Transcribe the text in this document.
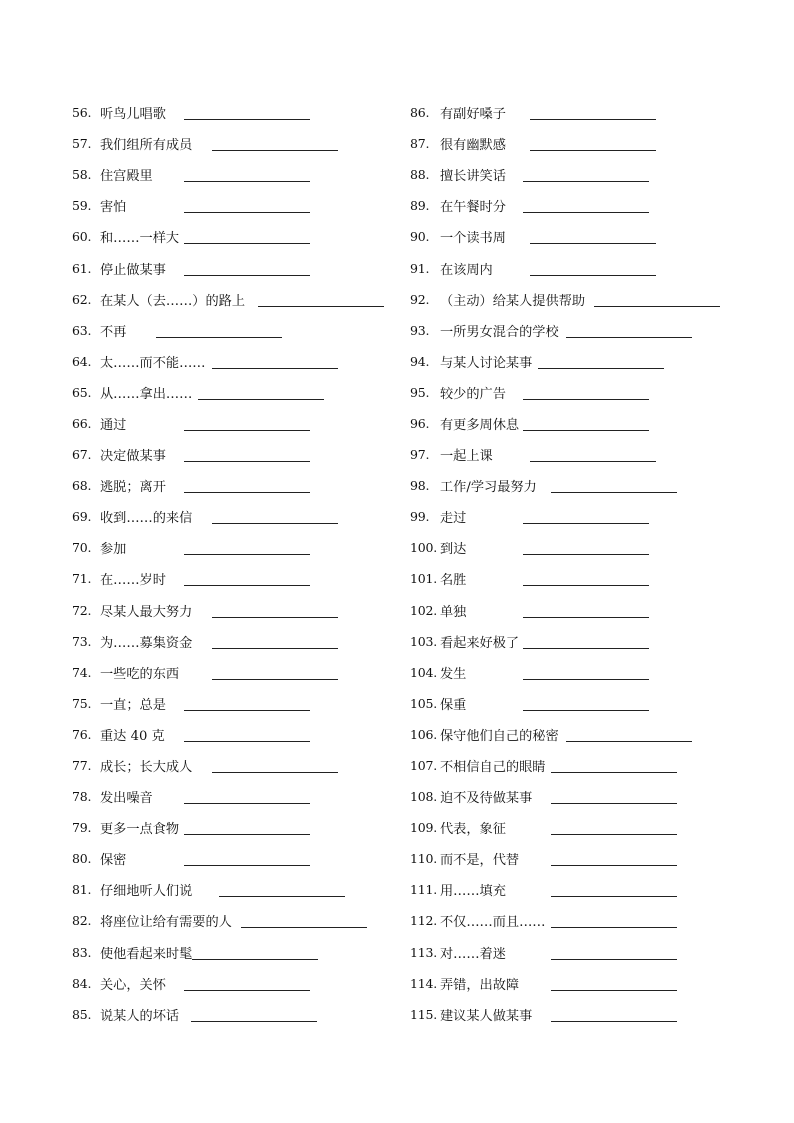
56. 听鸟儿唱歌
57. 我们组所有成员
58. 住宫殿里
59. 害怕
60. 和……一样大
61. 停止做某事
62. 在某人（去……）的路上
63. 不再
64. 太……而不能……
65. 从……拿出……
66. 通过
67. 决定做某事
68. 逃脱；离开
69. 收到……的来信
70. 参加
71. 在……岁时
72. 尽某人最大努力
73. 为……募集资金
74. 一些吃的东西
75. 一直；总是
76. 重达 40 克
77. 成长；长大成人
78. 发出噪音
79. 更多一点食物
80. 保密
81. 仔细地听人们说
82. 将座位让给有需要的人
83. 使他看起来时髦
84. 关心，关怀
85. 说某人的坏话
86. 有副好嗓子
87. 很有幽默感
88. 擅长讲笑话
89. 在午餐时分
90. 一个读书周
91. 在该周内
92. （主动）给某人提供帮助
93. 一所男女混合的学校
94. 与某人讨论某事
95. 较少的广告
96. 有更多周休息
97. 一起上课
98. 工作/学习最努力
99. 走过
100. 到达
101. 名胜
102. 单独
103. 看起来好极了
104. 发生
105. 保重
106. 保守他们自己的秘密
107. 不相信自己的眼睛
108. 迫不及待做某事
109. 代表，象征
110. 而不是，代替
111. 用……填充
112. 不仅……而且……
113. 对……着迷
114. 弄错，出故障
115. 建议某人做某事
